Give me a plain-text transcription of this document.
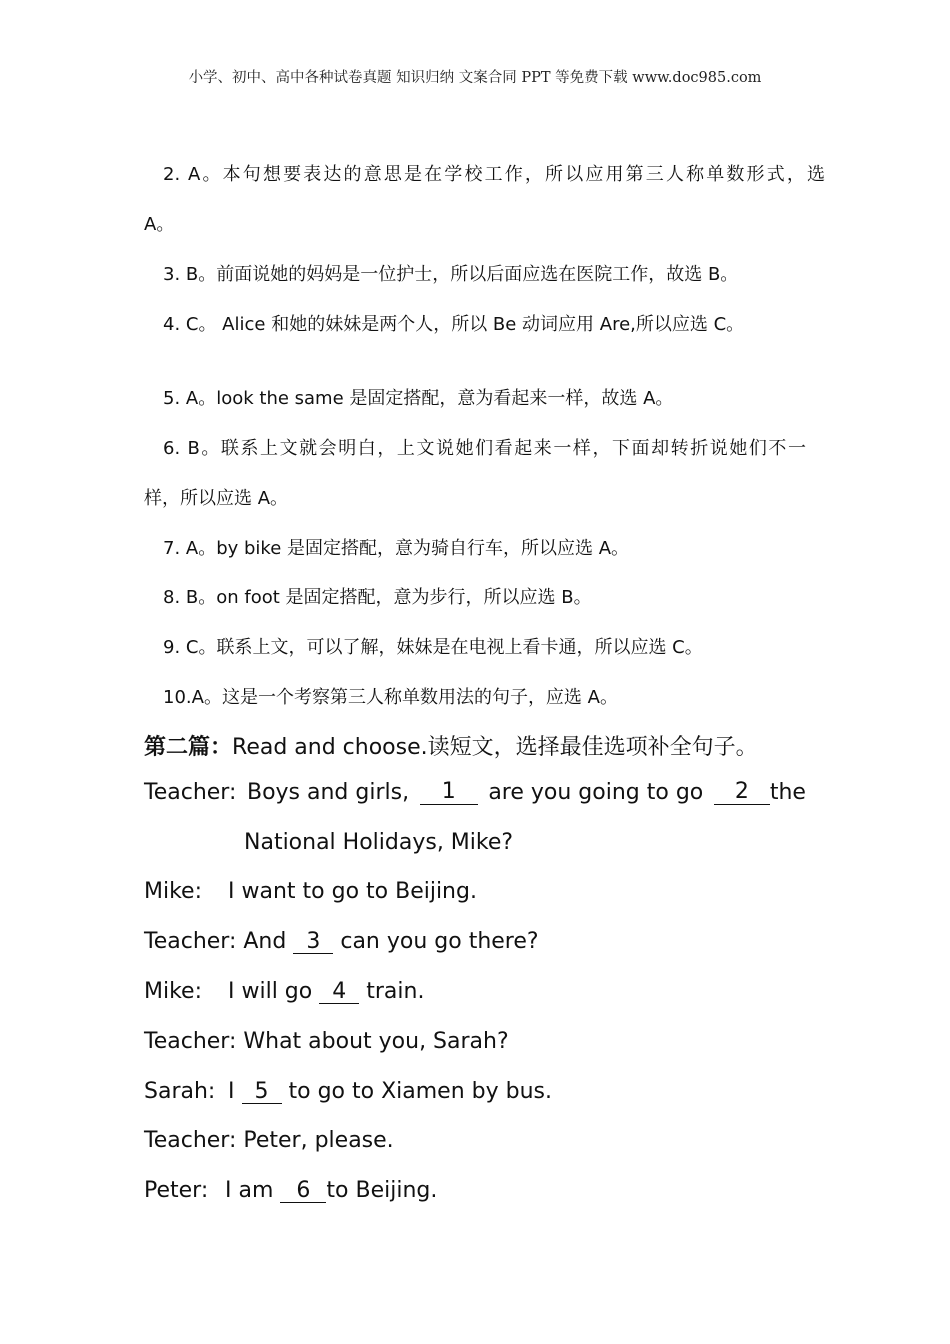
小学、初中、高中各种试卷真题 知识归纳 文案合同 PPT 等免费下载 www.doc985.com
2. A。本句想要表达的意思是在学校工作，所以应用第三人称单数形式，选
A。
3. B。前面说她的妈妈是一位护士，所以后面应选在医院工作，故选 B。
4. C。 Alice 和她的妹妹是两个人，所以 Be 动词应用 Are,所以应选 C。
5. A。look the same 是固定搭配，意为看起来一样，故选 A。
6. B。联系上文就会明白，上文说她们看起来一样，下面却转折说她们不一
样，所以应选 A。
7. A。by bike 是固定搭配，意为骑自行车，所以应选 A。
8. B。on foot 是固定搭配，意为步行，所以应选 B。
9. C。联系上文，可以了解，妹妹是在电视上看卡通，所以应选 C。
10.A。这是一个考察第三人称单数用法的句子，应选 A。
第二篇：Read and choose.读短文，选择最佳选项补全句子。
Teacher: Boys and girls,	1	are you going to go	2 the
National Holidays, Mike?
Mike: I want to go to Beijing.
Teacher: And 3 can you go there?
Mike: I will go 4 train.
Teacher: What about you, Sarah?
Sarah: I 5 to go to Xiamen by bus.
Teacher: Peter, please.
Peter: I am 6 to Beijing.
